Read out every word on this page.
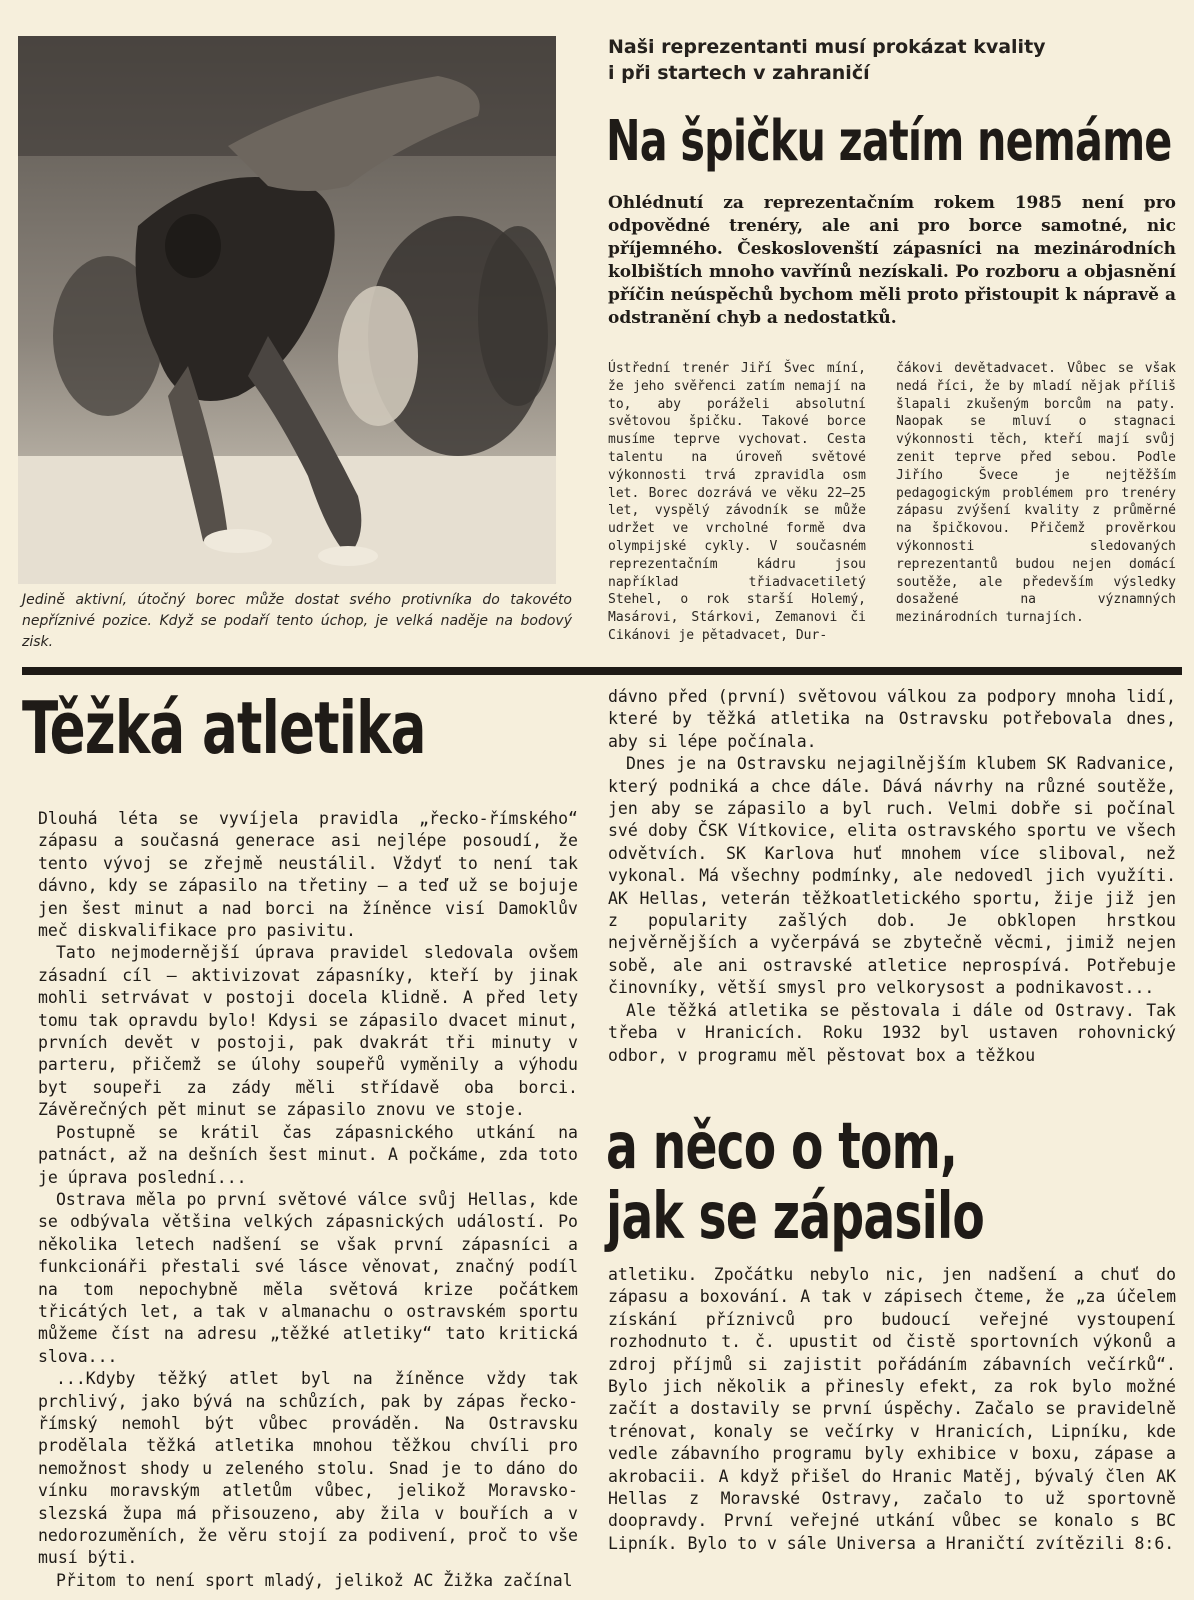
Jedině aktivní, útočný borec může dostat svého protivníka do takovéto nepříznivé pozice. Když se podaří tento úchop, je velká naděje na bodový zisk.
Naši reprezentanti musí prokázat kvality
i při startech v zahraničí
Na špičku zatím nemáme

Ohlédnutí za reprezentačním rokem 1985 není pro odpovědné trenéry, ale ani pro borce samotné, nic příjemného. Českoslovenští zápasníci na mezinárodních kolbištích mnoho vavřínů nezískali. Po rozboru a objasnění příčin neúspěchů bychom měli proto přistoupit k nápravě a odstranění chyb a nedostatků.

Ústřední trenér Jiří Švec míní, že jeho svěřenci zatím nemají na to, aby poráželi absolutní světovou špičku. Takové borce musíme teprve vychovat. Cesta talentu na úroveň světové výkonnosti trvá zpravidla osm let. Borec dozrává ve věku 22—25 let, vyspělý závodník se může udržet ve vrcholné formě dva olympijské cykly. V současném reprezentačním kádru jsou například třiadvacetiletý Stehel, o rok starší Holemý, Masárovi, Stárkovi, Zemanovi či Cikánovi je pětadvacet, Dur-

čákovi devětadvacet. Vůbec se však nedá říci, že by mladí nějak příliš šlapali zkušeným borcům na paty. Naopak se mluví o stagnaci výkonnosti těch, kteří mají svůj zenit teprve před sebou. Podle Jiřího Švece je nejtěžším pedagogickým problémem pro trenéry zápasu zvýšení kvality z průměrné na špičkovou. Přičemž prověrkou výkonnosti sledovaných reprezentantů budou nejen domácí soutěže, ale především výsledky dosažené na významných mezinárodních turnajích.

Těžká atletika

Dlouhá léta se vyvíjela pravidla „řecko-římského“ zápasu a současná generace asi nejlépe posoudí, že tento vývoj se zřejmě neustálil. Vždyť to není tak dávno, kdy se zápasilo na třetiny — a teď už se bojuje jen šest minut a nad borci na žíněnce visí Damoklův meč diskvalifikace pro pasivitu.

Tato nejmodernější úprava pravidel sledovala ovšem zásadní cíl — aktivizovat zápasníky, kteří by jinak mohli setrvávat v postoji docela klidně. A před lety tomu tak opravdu bylo! Kdysi se zápasilo dvacet minut, prvních devět v postoji, pak dvakrát tři minuty v parteru, přičemž se úlohy soupeřů vyměnily a výhodu byt soupeři za zády měli střídavě oba borci. Závěrečných pět minut se zápasilo znovu ve stoje.

Postupně se krátil čas zápasnického utkání na patnáct, až na dešních šest minut. A počkáme, zda toto je úprava poslední...

Ostrava měla po první světové válce svůj Hellas, kde se odbývala většina velkých zápasnických událostí. Po několika letech nadšení se však první zápasníci a funkcionáři přestali své lásce věnovat, značný podíl na tom nepochybně měla světová krize počátkem třicátých let, a tak v almanachu o ostravském sportu můžeme číst na adresu „těžké atletiky“ tato kritická slova...

...Kdyby těžký atlet byl na žíněnce vždy tak prchlivý, jako bývá na schůzích, pak by zápas řecko-římský nemohl být vůbec prováděn. Na Ostravsku prodělala těžká atletika mnohou těžkou chvíli pro nemožnost shody u zeleného stolu. Snad je to dáno do vínku moravským atletům vůbec, jelikož Moravsko-slezská župa má přisouzeno, aby žila v bouřích a v nedorozuměních, že věru stojí za podivení, proč to vše musí býti.

Přitom to není sport mladý, jelikož AC Žižka začínal

dávno před (první) světovou válkou za podpory mnoha lidí, které by těžká atletika na Ostravsku potřebovala dnes, aby si lépe počínala.

Dnes je na Ostravsku nejagilnějším klubem SK Radvanice, který podniká a chce dále. Dává návrhy na různé soutěže, jen aby se zápasilo a byl ruch. Velmi dobře si počínal své doby ČSK Vítkovice, elita ostravského sportu ve všech odvětvích. SK Karlova huť mnohem více sliboval, než vykonal. Má všechny podmínky, ale nedovedl jich využíti. AK Hellas, veterán těžkoatletického sportu, žije již jen z popularity zašlých dob. Je obklopen hrstkou nejvěrnějších a vyčerpává se zbytečně věcmi, jimiž nejen sobě, ale ani ostravské atletice neprospívá. Potřebuje činovníky, větší smysl pro velkorysost a podnikavost...

Ale těžká atletika se pěstovala i dále od Ostravy. Tak třeba v Hranicích. Roku 1932 byl ustaven rohovnický odbor, v programu měl pěstovat box a těžkou

a něco o tom,
jak se zápasilo

atletiku. Zpočátku nebylo nic, jen nadšení a chuť do zápasu a boxování. A tak v zápisech čteme, že „za účelem získání příznivců pro budoucí veřejné vystoupení rozhodnuto t. č. upustit od čistě sportovních výkonů a zdroj příjmů si zajistit pořádáním zábavních večírků“. Bylo jich několik a přinesly efekt, za rok bylo možné začít a dostavily se první úspěchy. Začalo se pravidelně trénovat, konaly se večírky v Hranicích, Lipníku, kde vedle zábavního programu byly exhibice v boxu, zápase a akrobacii. A když přišel do Hranic Matěj, bývalý člen AK Hellas z Moravské Ostravy, začalo to už sportovně doopravdy. První veřejné utkání vůbec se konalo s BC Lipník. Bylo to v sále Universa a Hraničtí zvítězili 8:6.
